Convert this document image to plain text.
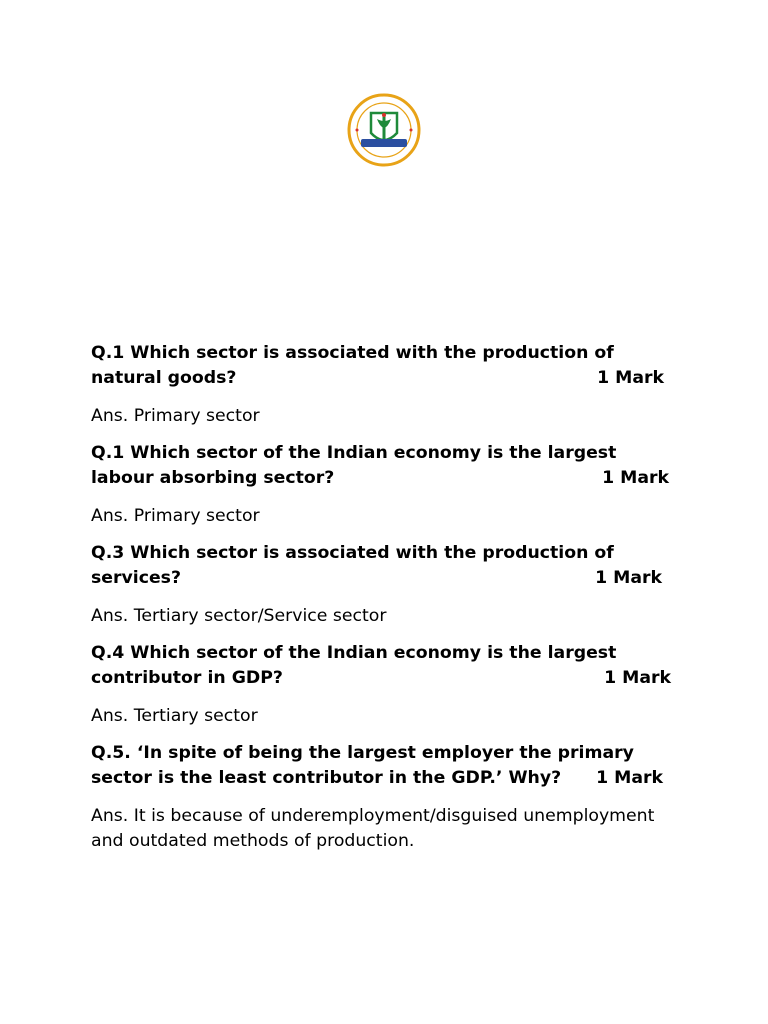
Q.1 Which sector is associated with the production of
natural goods?	1 Mark

Ans. Primary sector

Q.1 Which sector of the Indian economy is the largest
labour absorbing sector?	1 Mark

Ans. Primary sector

Q.3 Which sector is associated with the production of
services?	1 Mark

Ans. Tertiary sector/Service sector

Q.4 Which sector of the Indian economy is the largest
contributor in GDP?	1 Mark

Ans. Tertiary sector

Q.5. ‘In spite of being the largest employer the primary
sector is the least contributor in the GDP.’ Why? 1 Mark

Ans. It is because of underemployment/disguised unemployment and outdated methods of production.
